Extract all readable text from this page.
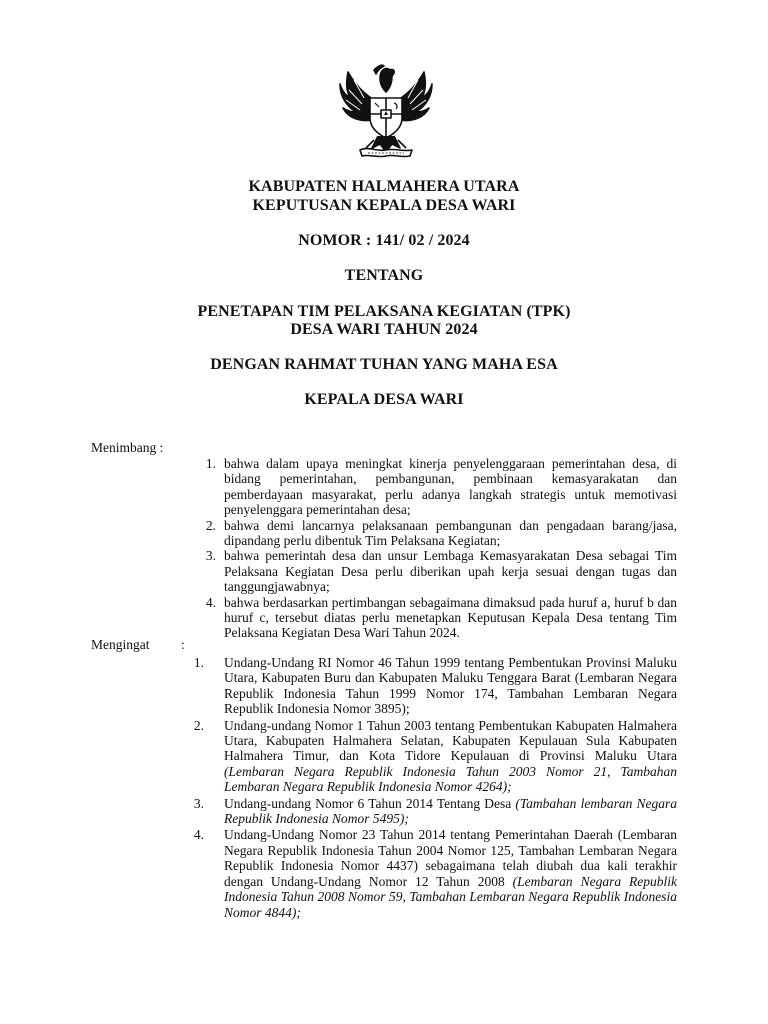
KABUPATEN HALMAHERA UTARA
KEPUTUSAN KEPALA DESA WARI
NOMOR : 141/ 02 / 2024
TENTANG
PENETAPAN TIM PELAKSANA KEGIATAN (TPK)
DESA WARI TAHUN 2024
DENGAN RAHMAT TUHAN YANG MAHA ESA
KEPALA DESA WARI
Menimbang :
1. bahwa dalam upaya meningkat kinerja penyelenggaraan pemerintahan desa, di bidang pemerintahan, pembangunan, pembinaan kemasyarakatan dan pemberdayaan masyarakat, perlu adanya langkah strategis untuk memotivasi penyelenggara pemerintahan desa;
2. bahwa demi lancarnya pelaksanaan pembangunan dan pengadaan barang/jasa, dipandang perlu dibentuk Tim Pelaksana Kegiatan;
3. bahwa pemerintah desa dan unsur Lembaga Kemasyarakatan Desa sebagai Tim Pelaksana Kegiatan Desa perlu diberikan upah kerja sesuai dengan tugas dan tanggungjawabnya;
4. bahwa berdasarkan pertimbangan sebagaimana dimaksud pada huruf a, huruf b dan huruf c, tersebut diatas perlu menetapkan Keputusan Kepala Desa tentang Tim Pelaksana Kegiatan Desa Wari Tahun 2024.
Mengingat :
1. Undang-Undang RI Nomor 46 Tahun 1999 tentang Pembentukan Provinsi Maluku Utara, Kabupaten Buru dan Kabupaten Maluku Tenggara Barat (Lembaran Negara Republik Indonesia Tahun 1999 Nomor 174, Tambahan Lembaran Negara Republik Indonesia Nomor 3895);
2. Undang-undang Nomor 1 Tahun 2003 tentang Pembentukan Kabupaten Halmahera Utara, Kabupaten Halmahera Selatan, Kabupaten Kepulauan Sula Kabupaten Halmahera Timur, dan Kota Tidore Kepulauan di Provinsi Maluku Utara (Lembaran Negara Republik Indonesia Tahun 2003 Nomor 21, Tambahan Lembaran Negara Republik Indonesia Nomor 4264);
3. Undang-undang Nomor 6 Tahun 2014 Tentang Desa (Tambahan lembaran Negara Republik Indonesia Nomor 5495);
4. Undang-Undang Nomor 23 Tahun 2014 tentang Pemerintahan Daerah (Lembaran Negara Republik Indonesia Tahun 2004 Nomor 125, Tambahan Lembaran Negara Republik Indonesia Nomor 4437) sebagaimana telah diubah dua kali terakhir dengan Undang-Undang Nomor 12 Tahun 2008 (Lembaran Negara Republik Indonesia Tahun 2008 Nomor 59, Tambahan Lembaran Negara Republik Indonesia Nomor 4844);
